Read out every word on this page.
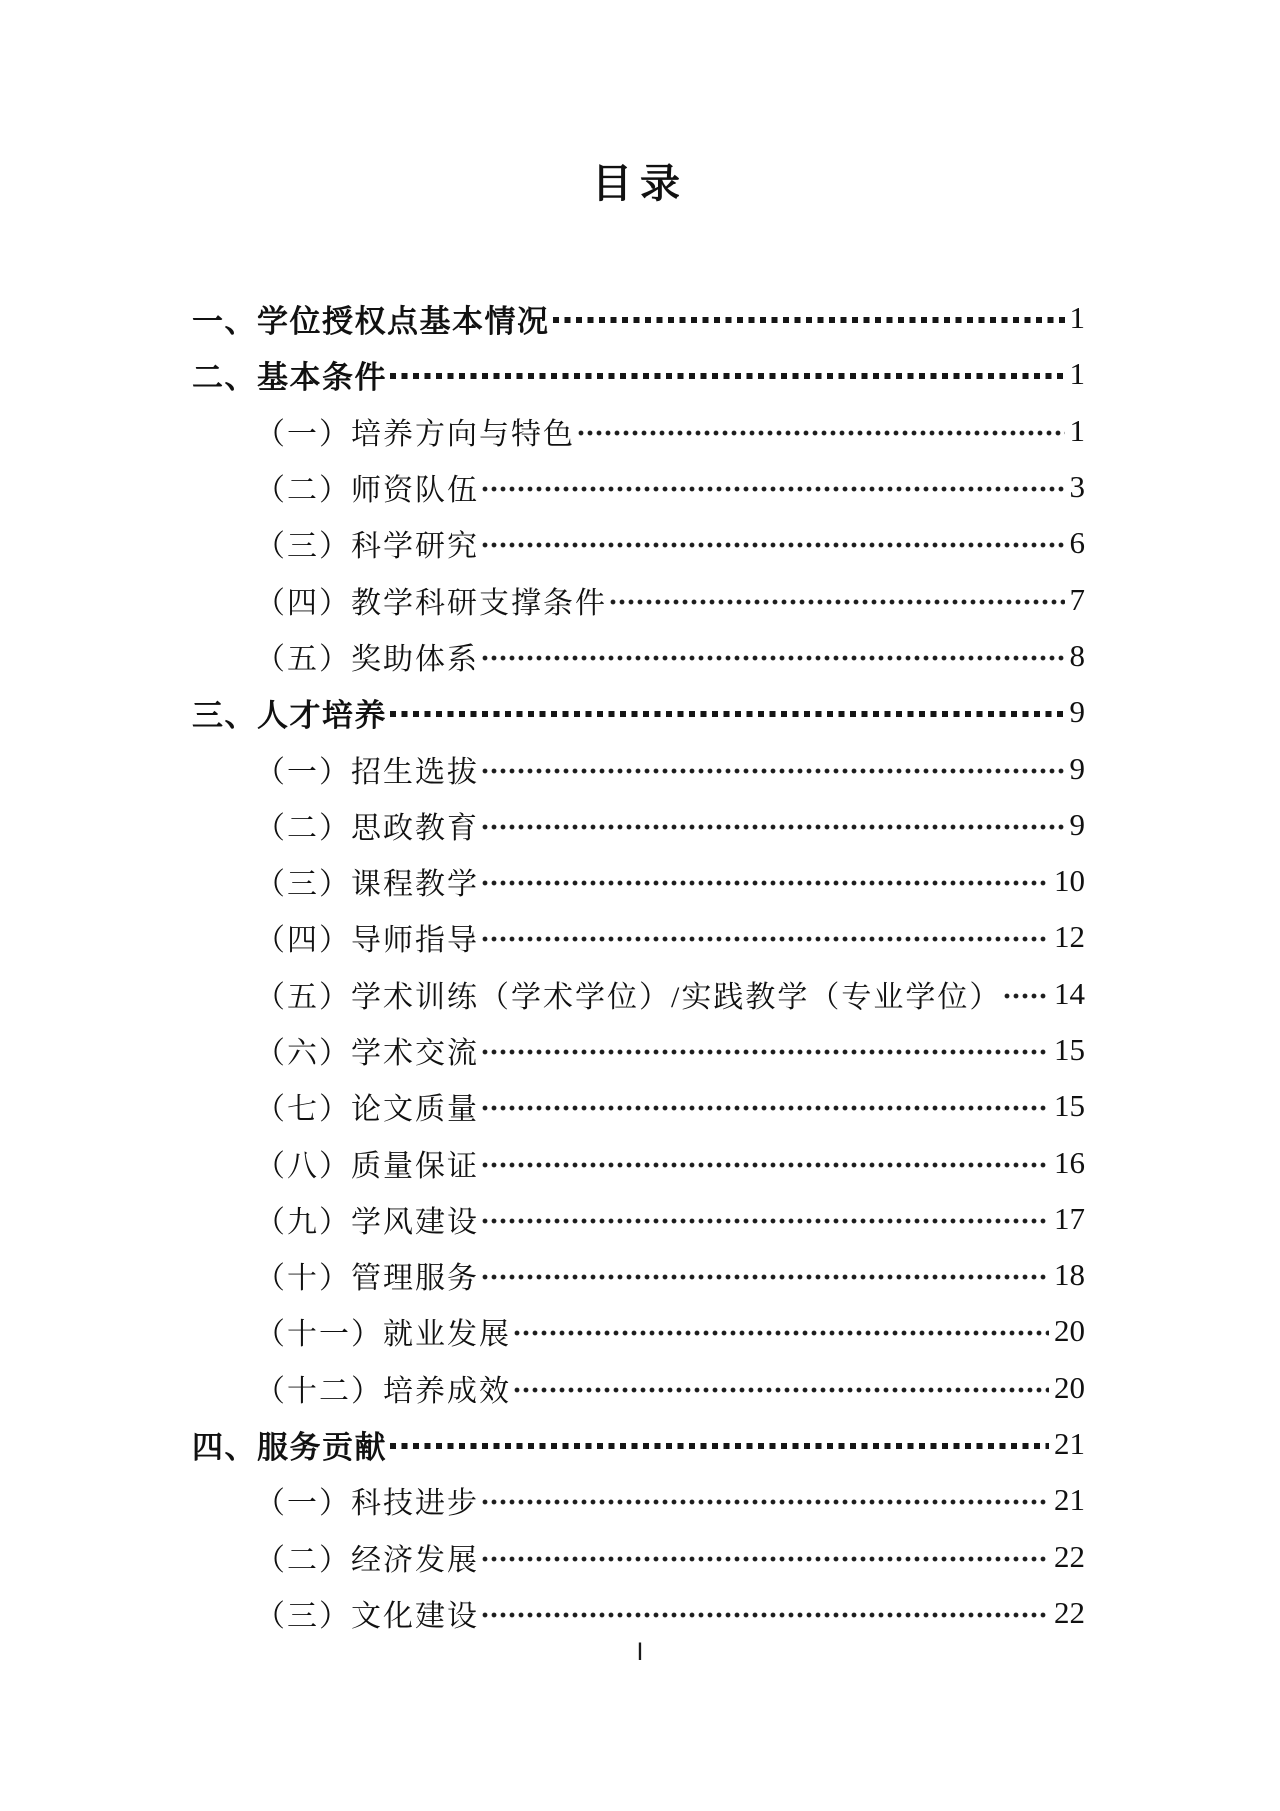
目录
一、学位授权点基本情况	1
二、基本条件	1
（一）培养方向与特色	1
（二）师资队伍	3
（三）科学研究	6
（四）教学科研支撑条件	7
（五）奖助体系	8
三、人才培养	9
（一）招生选拔	9
（二）思政教育	9
（三）课程教学	10
（四）导师指导	12
（五）学术训练（学术学位）/实践教学（专业学位） 14
（六）学术交流	15
（七）论文质量	15
（八）质量保证	16
（九）学风建设	17
（十）管理服务	18
（十一）就业发展	20
（十二）培养成效	20
四、服务贡献	21
（一）科技进步	21
（二）经济发展	22
（三）文化建设	22
I
